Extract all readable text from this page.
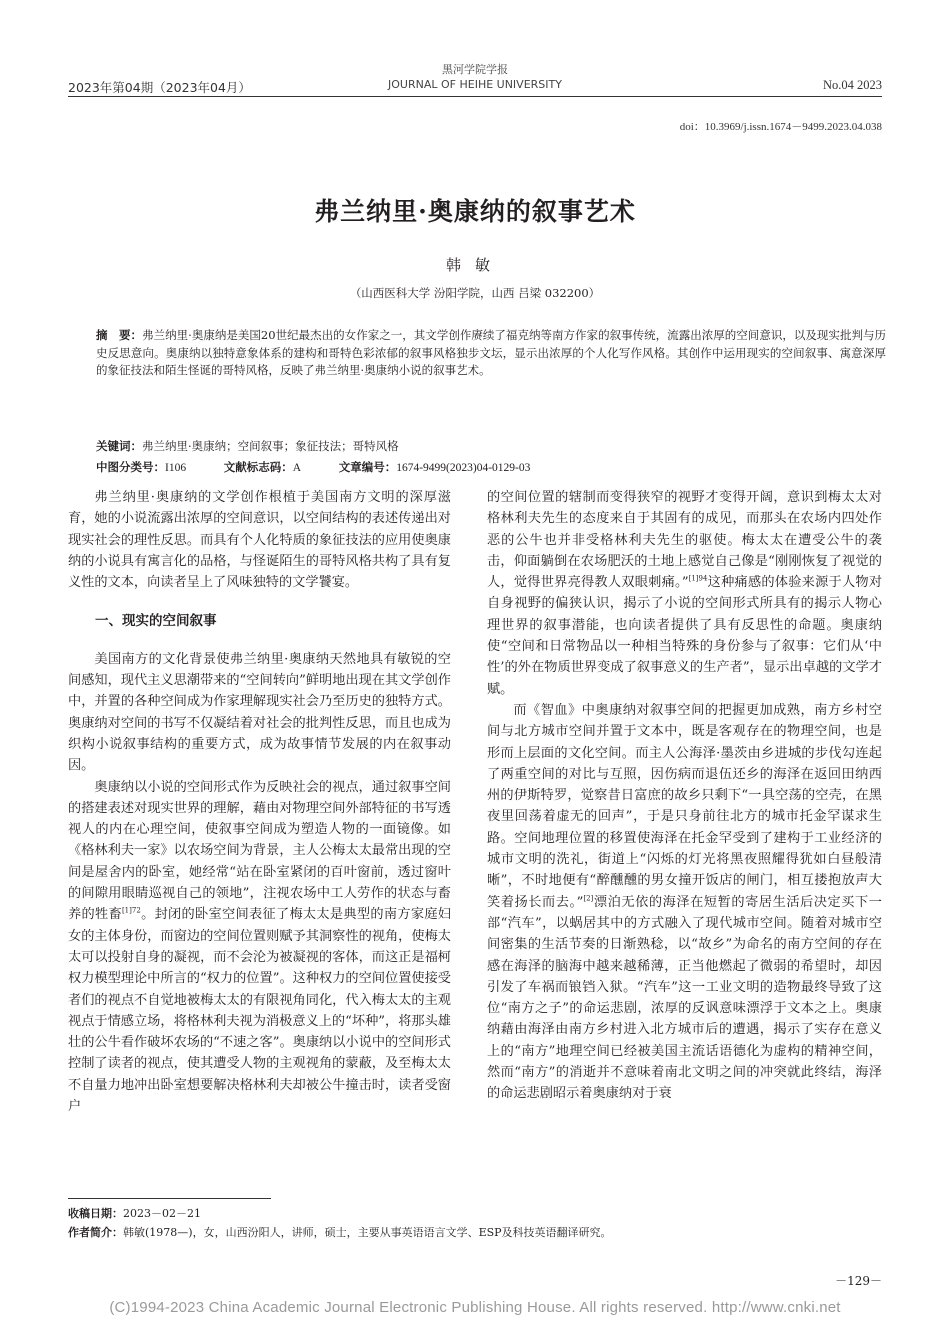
2023年第04期（2023年04月）
黑河学院学报
JOURNAL OF HEIHE UNIVERSITY	No.04 2023
doi：10.3969/j.issn.1674－9499.2023.04.038
弗兰纳里·奥康纳的叙事艺术
韩敏
（山西医科大学 汾阳学院，山西 吕梁 032200）
摘　要：弗兰纳里·奥康纳是美国20世纪最杰出的女作家之一，其文学创作赓续了福克纳等南方作家的叙事传统，流露出浓厚的空间意识，以及现实批判与历史反思意向。奥康纳以独特意象体系的建构和哥特色彩浓郁的叙事风格独步文坛，显示出浓厚的个人化写作风格。其创作中运用现实的空间叙事、寓意深厚的象征技法和陌生怪诞的哥特风格，反映了弗兰纳里·奥康纳小说的叙事艺术。
关键词：弗兰纳里·奥康纳；空间叙事；象征技法；哥特风格
中图分类号：I106	文献标志码：A	文章编号：1674-9499(2023)04-0129-03

弗兰纳里·奥康纳的文学创作根植于美国南方文明的深厚滋育，她的小说流露出浓厚的空间意识，以空间结构的表述传递出对现实社会的理性反思。而具有个人化特质的象征技法的应用使奥康纳的小说具有寓言化的品格，与怪诞陌生的哥特风格共构了具有复义性的文本，向读者呈上了风味独特的文学饕宴。

一、现实的空间叙事

美国南方的文化背景使弗兰纳里·奥康纳天然地具有敏锐的空间感知，现代主义思潮带来的“空间转向”鲜明地出现在其文学创作中，并置的各种空间成为作家理解现实社会乃至历史的独特方式。奥康纳对空间的书写不仅凝结着对社会的批判性反思，而且也成为织构小说叙事结构的重要方式，成为故事情节发展的内在叙事动因。

奥康纳以小说的空间形式作为反映社会的视点，通过叙事空间的搭建表述对现实世界的理解，藉由对物理空间外部特征的书写透视人的内在心理空间，使叙事空间成为塑造人物的一面镜像。如《格林利夫一家》以农场空间为背景，主人公梅太太最常出现的空间是屋舍内的卧室，她经常“站在卧室紧闭的百叶窗前，透过窗叶的间隙用眼睛巡视自己的领地”，注视农场中工人劳作的状态与畜养的牲畜$^{[1]72}$。封闭的卧室空间表征了梅太太是典型的南方家庭妇女的主体身份，而窗边的空间位置则赋予其洞察性的视角，使梅太太可以投射自身的凝视，而不会沦为被凝视的客体，而这正是福柯权力模型理论中所言的“权力的位置”。这种权力的空间位置使接受者们的视点不自觉地被梅太太的有限视角同化，代入梅太太的主观视点于情感立场，将格林利夫视为消极意义上的“坏种”，将那头雄壮的公牛看作破坏农场的“不速之客”。奥康纳以小说中的空间形式控制了读者的视点，使其遭受人物的主观视角的蒙蔽，及至梅太太不自量力地冲出卧室想要解决格林利夫却被公牛撞击时，读者受窗户

的空间位置的辖制而变得狭窄的视野才变得开阔，意识到梅太太对格林利夫先生的态度来自于其固有的成见，而那头在农场内四处作恶的公牛也并非受格林利夫先生的驱使。梅太太在遭受公牛的袭击，仰面躺倒在农场肥沃的土地上感觉自己像是“刚刚恢复了视觉的人，觉得世界亮得教人双眼刺痛。”$^{[1]94}$这种痛感的体验来源于人物对自身视野的偏狭认识，揭示了小说的空间形式所具有的揭示人物心理世界的叙事潜能，也向读者提供了具有反思性的命题。奥康纳使“空间和日常物品以一种相当特殊的身份参与了叙事：它们从‘中性’的外在物质世界变成了叙事意义的生产者”，显示出卓越的文学才赋。

而《智血》中奥康纳对叙事空间的把握更加成熟，南方乡村空间与北方城市空间并置于文本中，既是客观存在的物理空间，也是形而上层面的文化空间。而主人公海泽·墨茨由乡进城的步伐勾连起了两重空间的对比与互照，因伤病而退伍还乡的海泽在返回田纳西州的伊斯特罗，觉察昔日富庶的故乡只剩下“一具空荡的空壳，在黑夜里回荡着虚无的回声”，于是只身前往北方的城市托金罕谋求生路。空间地理位置的移置使海泽在托金罕受到了建构于工业经济的城市文明的洗礼，街道上“闪烁的灯光将黑夜照耀得犹如白昼般清晰”，不时地便有“醉醺醺的男女撞开饭店的闸门，相互搂抱放声大笑着扬长而去。”[2]漂泊无依的海泽在短暂的寄居生活后决定买下一部“汽车”，以蜗居其中的方式融入了现代城市空间。随着对城市空间密集的生活节奏的日渐熟稔，以“故乡”为命名的南方空间的存在感在海泽的脑海中越来越稀薄，正当他燃起了微弱的希望时，却因引发了车祸而锒铛入狱。“汽车”这一工业文明的造物最终导致了这位“南方之子”的命运悲剧，浓厚的反讽意味漂浮于文本之上。奥康纳藉由海泽由南方乡村进入北方城市后的遭遇，揭示了实存在意义上的“南方”地理空间已经被美国主流话语德化为虚构的精神空间，然而“南方”的消逝并不意味着南北文明之间的冲突就此终结，海泽的命运悲剧昭示着奥康纳对于衰

收稿日期：2023－02－21
作者简介：韩敏(1978—)，女，山西汾阳人，讲师，硕士，主要从事英语语言文学、ESP及科技英语翻译研究。
－129－
(C)1994-2023 China Academic Journal Electronic Publishing House. All rights reserved. http://www.cnki.net
